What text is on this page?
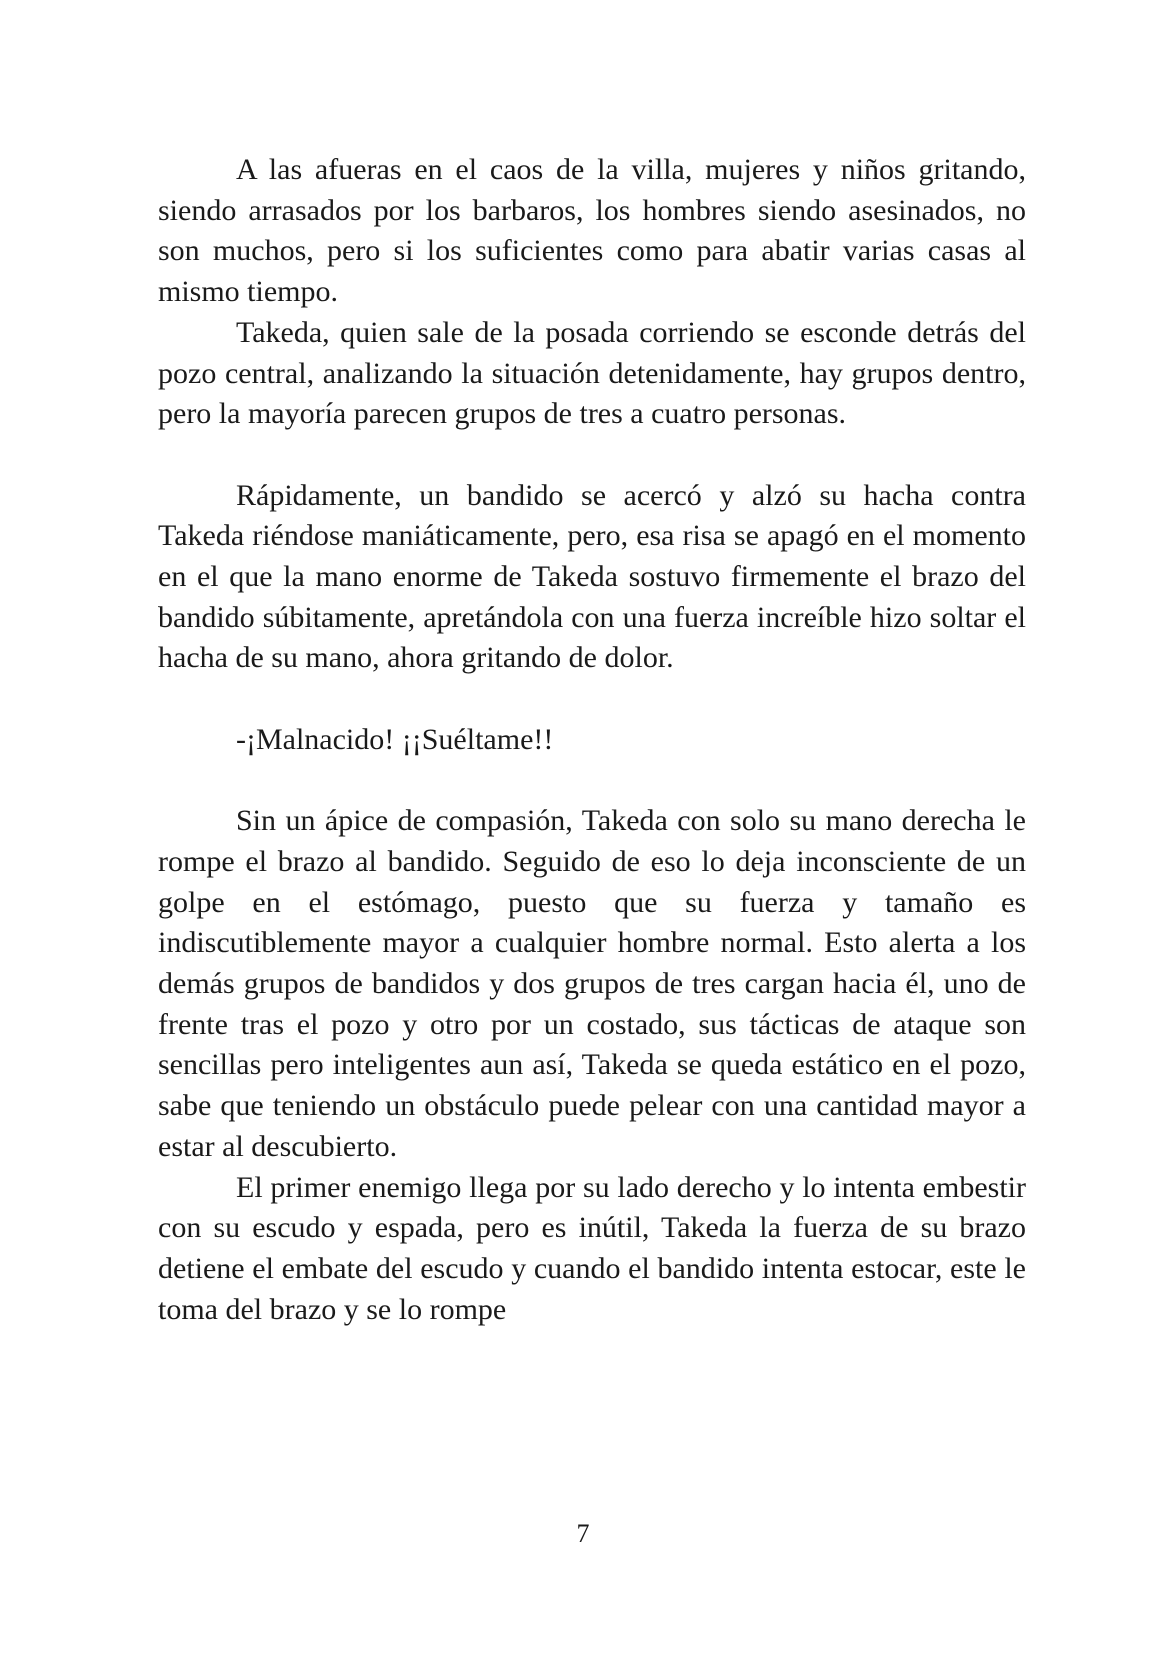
A las afueras en el caos de la villa, mujeres y niños gritando, siendo arrasados por los barbaros, los hombres siendo asesinados, no son muchos, pero si los suficientes como para abatir varias casas al mismo tiempo.

Takeda, quien sale de la posada corriendo se esconde detrás del pozo central, analizando la situación detenidamente, hay grupos dentro, pero la mayoría parecen grupos de tres a cuatro personas.

Rápidamente, un bandido se acercó y alzó su hacha contra Takeda riéndose maniáticamente, pero, esa risa se apagó en el momento en el que la mano enorme de Takeda sostuvo firmemente el brazo del bandido súbitamente, apretándola con una fuerza increíble hizo soltar el hacha de su mano, ahora gritando de dolor.

-¡Malnacido! ¡¡Suéltame!!

Sin un ápice de compasión, Takeda con solo su mano derecha le rompe el brazo al bandido. Seguido de eso lo deja inconsciente de un golpe en el estómago, puesto que su fuerza y tamaño es indiscutiblemente mayor a cualquier hombre normal. Esto alerta a los demás grupos de bandidos y dos grupos de tres cargan hacia él, uno de frente tras el pozo y otro por un costado, sus tácticas de ataque son sencillas pero inteligentes aun así, Takeda se queda estático en el pozo, sabe que teniendo un obstáculo puede pelear con una cantidad mayor a estar al descubierto.

El primer enemigo llega por su lado derecho y lo intenta embestir con su escudo y espada, pero es inútil, Takeda la fuerza de su brazo detiene el embate del escudo y cuando el bandido intenta estocar, este le toma del brazo y se lo rompe

7
